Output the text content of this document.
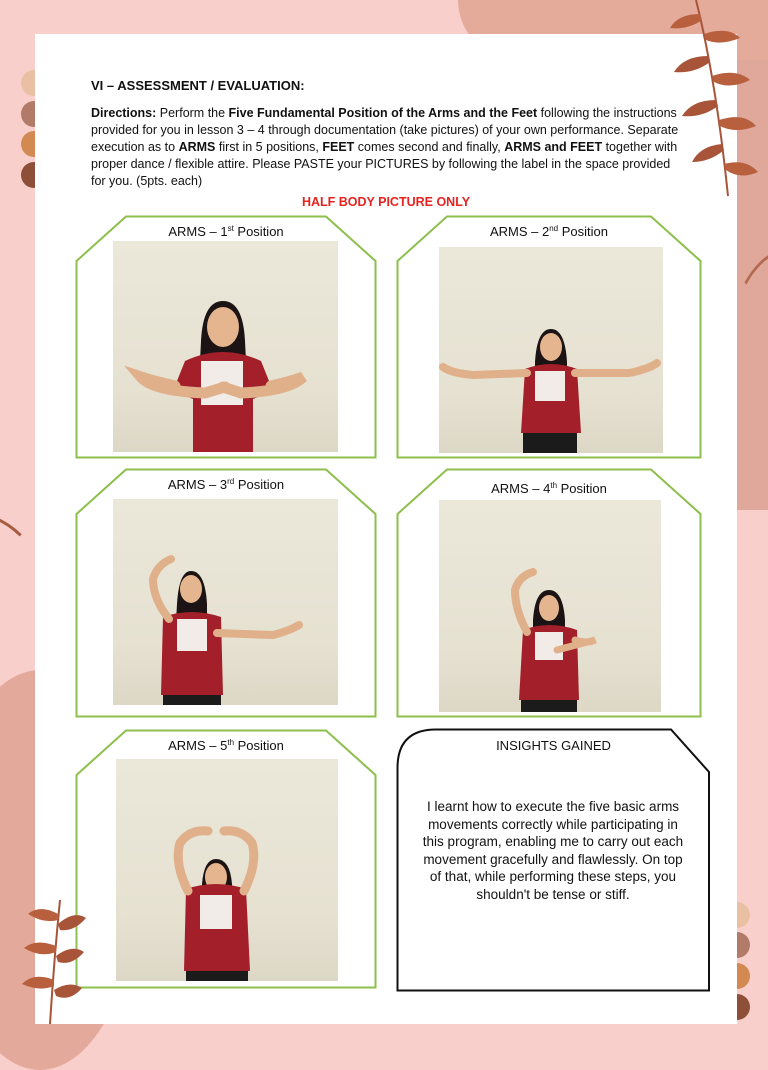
VI – ASSESSMENT / EVALUATION:
Directions: Perform the Five Fundamental Position of the Arms and the Feet following the instructions provided for you in lesson 3 – 4 through documentation (take pictures) of your own performance. Separate execution as to ARMS first in 5 positions, FEET comes second and finally, ARMS and FEET together with proper dance / flexible attire. Please PASTE your PICTURES by following the label in the space provided for you. (5pts. each)
HALF BODY PICTURE ONLY
ARMS – 1st Position	ARMS – 2nd Position
ARMS – 3rd Position	ARMS – 4th Position
ARMS – 5th Position	INSIGHTS GAINED
I learnt how to execute the five basic arms movements correctly while participating in this program, enabling me to carry out each movement gracefully and flawlessly. On top of that, while performing these steps, you shouldn't be tense or stiff.
